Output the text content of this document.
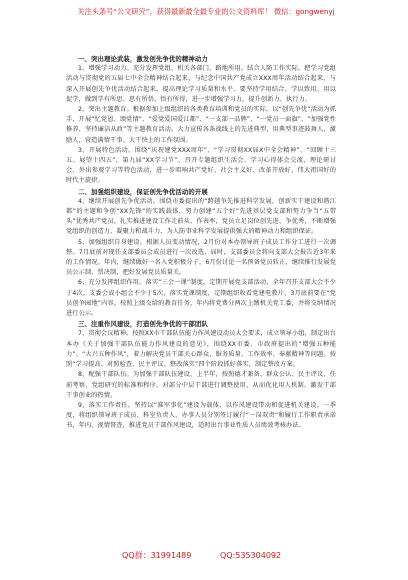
关注头条号“公文研究”，获得最新最全最专业的公文资料库！ 微信：gongwenyj
一、突出理论武装，激发创先争优的精神动力

1、增强学习动力。充分发挥党组、机关各部门、路地所用，结合人防工作实际，把学习党组活动与贯彻党的五届七中全会精神结合起来，与纪念中国共产党成立XXX周年活动结合起来，与深入开展创先争优活动结合起来，提高理论学习质量和水平。要坚持学用结合、学以致用、用以促学，做到学有所思、思有所悟、悟有所得，进一步增强学习力，提升创新力、执行力。

2、突出主题教育。根据参加上级组织的各类教育培训和党员的实际，以“创先争优”活动为抓手，开展“忆党恩、颂党情”、“爱党爱国爱江都”、“一支部一品牌”、“一党员一面旗”、“加强党性修养，坚持廉洁从政”等主题教育活动。大力宣传各条战线上的先进典型，用典型事迹鼓舞人，激励人，营造满情干事、大干快上的工作氛围。

3、开展特色活动。围绕“庆祝建党XXX周年”、“学习贯彻XX届X中全会精神”、“回顾十三五、展望十四五”、第九届“XX学习节”、召开专题组织生活会、学习心得体会交流、理论研讨会、外出参观学习等特色活动，进一步唱响共产党好、社会主义好、改革开放好、伟大祖国好的时代主旋律。

二、加强组织建设，保证创先争优活动的开展

4、继续开展创先争优活动。围绕市委提出的“跨越争先推进科学发展，创新实干建设和谐江都”的主题和争创“XX先锋”的实践载体，努力创建“五个好”先进基层党支部和努力争当“五带头”优秀共产党员，扎实推进建设工作走前头、作表率，党员立足岗位创先进、争优秀，不断增强党组织的创造力、凝聚力和战斗力，为人防事业科学发展提供强大的精神动力和组织保证。

5、加强组织自身建设。根据人员变动情况，2月份对本办领导班子成员工作分工进行一次调整。7月底前对现任支部委员会成员进行一次改选，届时，支部委员会将向支部大会报告近3年来的工作情况。年内，继续做好一名入党积极分子，6月份讨论一名预备党员转正，继续推行发展党员公示制、票决制，把好发展党员质量关。

6、充分发挥组织作用。落实“三会一课”制度，定期开展党支部活动，全年召开支部大会不少于4次，支委会或小组会不少于5次，落实党课制度，定期组织收看党建电教片，3月底前要在“党员创争园地”内容，按照上级交给的教育任务，年内将党费分两次上缴机关党工委，并将交纳情况进行公示。

三、注重作风建设，打造创先争优的干部团队

7、贯彻会议精神。按照XX市干部队伍能力作风建设动员大会要求，成立领导小组，制定出台本办《关于加强干部队伍能力作风建设的意见》，围绕XX市委、市政府提出的“增强五种能力”、“大兴五种作风”，着力解决党员干部关心群众、服务质量、工作效率、奉献精神等问题。按照“学习提高、对照检查、民主评议、整改落实”四个阶段抓好落实，制定整改方案。

8、配强干部队伍。为加强干部队伍建设，上半年，按照德才兼备、群众公认、民主评议、任前考察、党组研究的标准和程序，对部分中层干部进行调整使用，从而优化用人机制，激发干部干事创业的热情。

9、落实工作责任。坚持以“准军事化”建设为载体，以作风建设带动和促进机关建设。一季度，将组织领导班子成员、科室负责人、办事人员分别签订履行“一岗双责”和履行工作职责承诺书，年内，视情督查，推进党员干部作风建设，适时出台事业性质人员绩效考核办法。

QQ群：31991489	QQ:535304092
